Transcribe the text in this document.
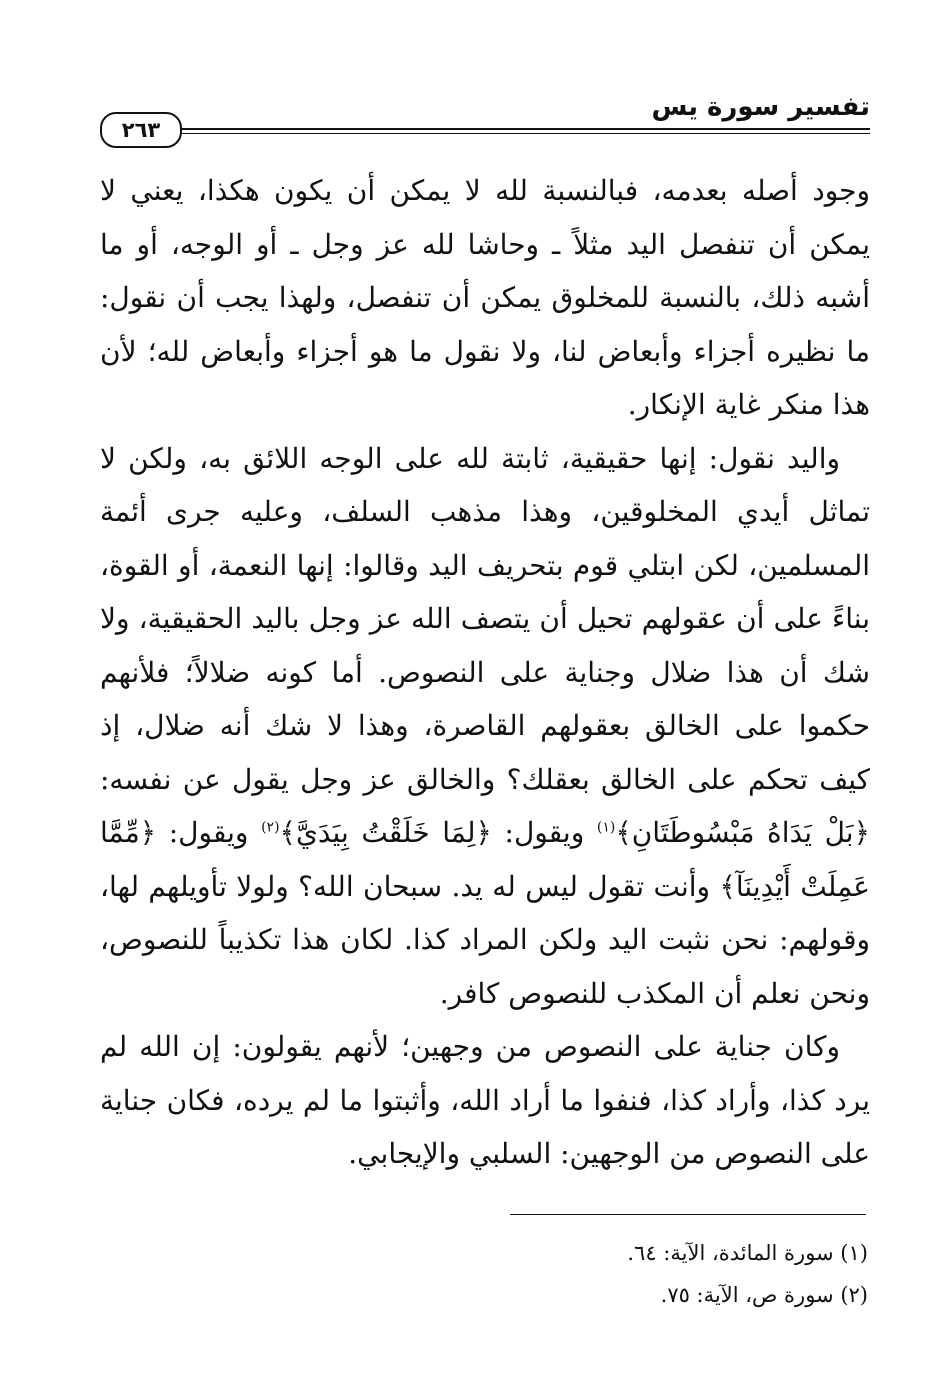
تفسير سورة يس
٢٦٣

وجود أصله بعدمه، فبالنسبة لله لا يمكن أن يكون هكذا، يعني لا يمكن أن تنفصل اليد مثلاً ـ وحاشا لله عز وجل ـ أو الوجه، أو ما أشبه ذلك، بالنسبة للمخلوق يمكن أن تنفصل، ولهذا يجب أن نقول: ما نظيره أجزاء وأبعاض لنا، ولا نقول ما هو أجزاء وأبعاض لله؛ لأن هذا منكر غاية الإنكار.

واليد نقول: إنها حقيقية، ثابتة لله على الوجه اللائق به، ولكن لا تماثل أيدي المخلوقين، وهذا مذهب السلف، وعليه جرى أئمة المسلمين، لكن ابتلي قوم بتحريف اليد وقالوا: إنها النعمة، أو القوة، بناءً على أن عقولهم تحيل أن يتصف الله عز وجل باليد الحقيقية، ولا شك أن هذا ضلال وجناية على النصوص. أما كونه ضلالاً؛ فلأنهم حكموا على الخالق بعقولهم القاصرة، وهذا لا شك أنه ضلال، إذ كيف تحكم على الخالق بعقلك؟ والخالق عز وجل يقول عن نفسه: ﴿بَلْ يَدَاهُ مَبْسُوطَتَانِ﴾$^{(١)}$ ويقول: ﴿لِمَا خَلَقْتُ بِيَدَيَّ﴾$^{(٢)}$ ويقول: ﴿مِّمَّا عَمِلَتْ أَيْدِينَآ﴾ وأنت تقول ليس له يد. سبحان الله؟ ولولا تأويلهم لها، وقولهم: نحن نثبت اليد ولكن المراد كذا. لكان هذا تكذيباً للنصوص، ونحن نعلم أن المكذب للنصوص كافر.

وكان جناية على النصوص من وجهين؛ لأنهم يقولون: إن الله لم يرد كذا، وأراد كذا، فنفوا ما أراد الله، وأثبتوا ما لم يرده، فكان جناية على النصوص من الوجهين: السلبي والإيجابي.

(١) سورة المائدة، الآية: ٦٤.
(٢) سورة ص، الآية: ٧٥.
